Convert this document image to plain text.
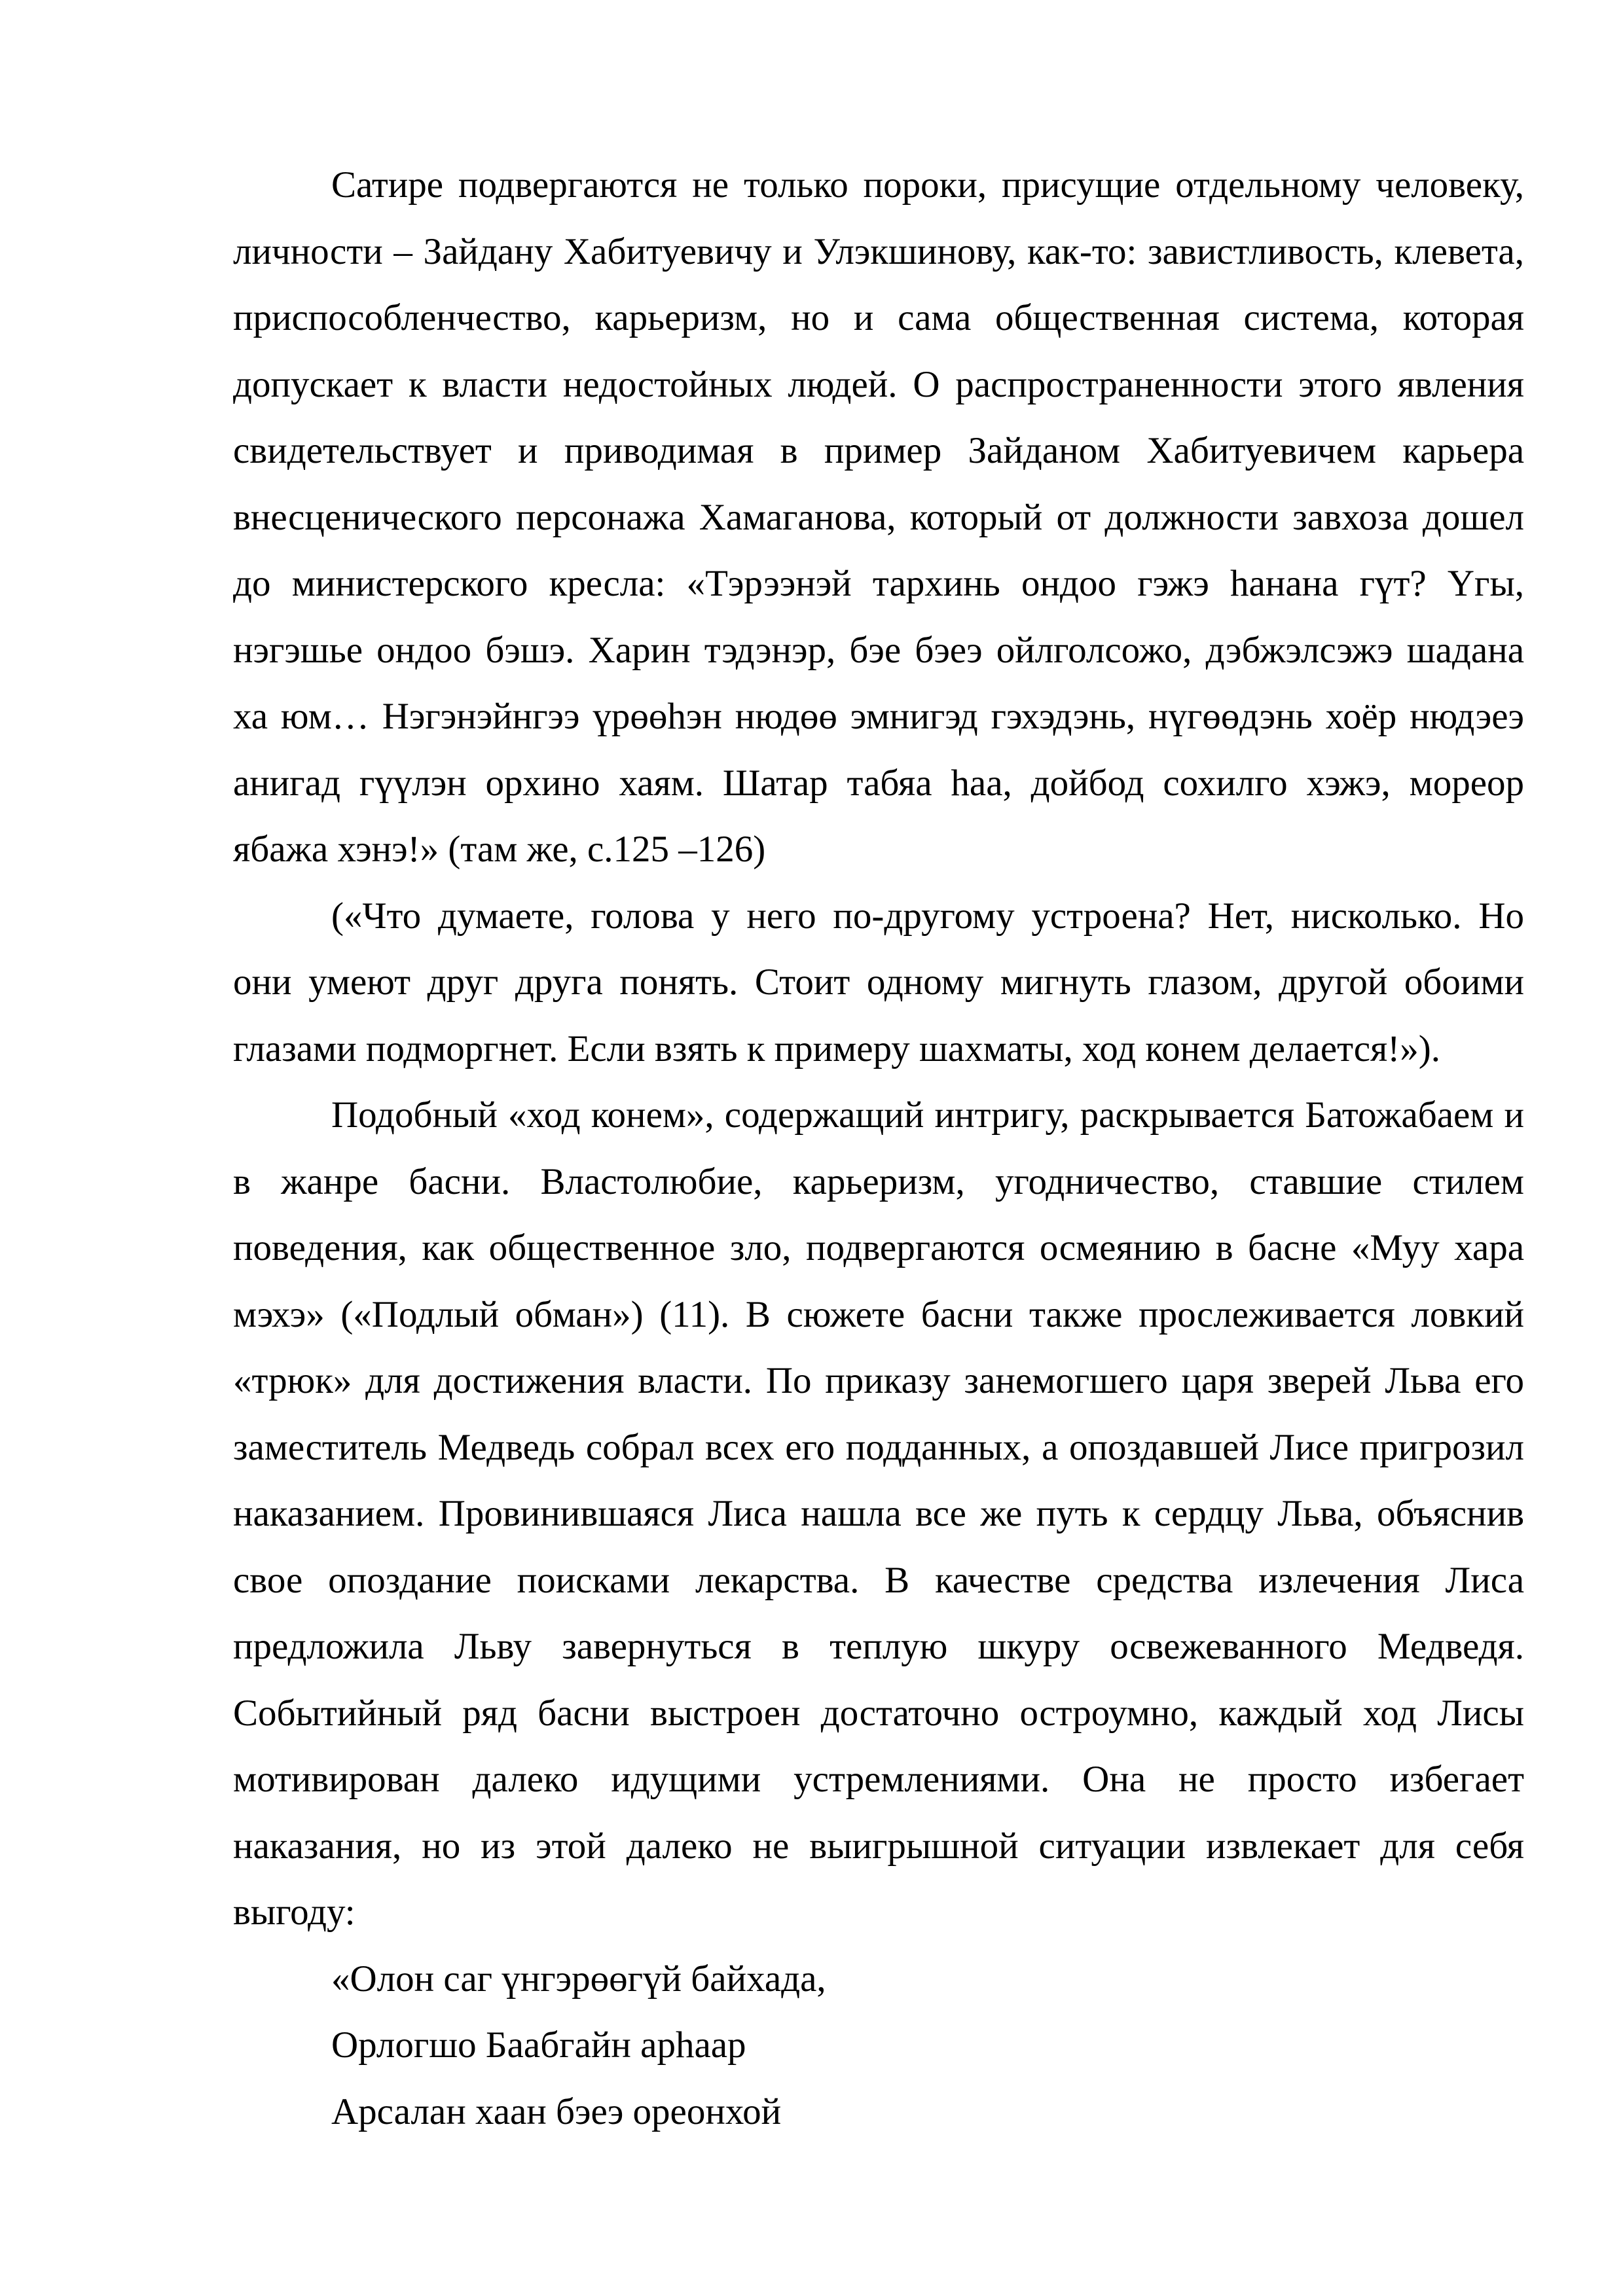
Сатире подвергаются не только пороки, присущие отдельному человеку, личности – Зайдану Хабитуевичу и Улэкшинову, как-то: завистливость, клевета, приспособленчество, карьеризм, но и сама общественная система, которая допускает к власти недостойных людей. О распространенности этого явления свидетельствует и приводимая в пример Зайданом Хабитуевичем карьера внесценического персонажа Хамаганова, который от должности завхоза дошел до министерского кресла: «Тэрээнэй тархинь ондоо гэжэ һанана гүт? Үгы, нэгэшье ондоо бэшэ. Харин тэдэнэр, бэе бэеэ ойлголсожо, дэбжэлсэжэ шадана ха юм… Нэгэнэйнгээ үрөөһэн нюдөө эмнигэд гэхэдэнь, нүгөөдэнь хоёр нюдэеэ анигад гүүлэн орхино хаям. Шатар табяа һаа, дойбод сохилго хэжэ, мореор ябажа хэнэ!» (там же, с.125 –126)

(«Что думаете, голова у него по-другому устроена? Нет, нисколько. Но они умеют друг друга понять. Стоит одному мигнуть глазом, другой обоими глазами подморгнет. Если взять к примеру шахматы, ход конем делается!»).

Подобный «ход конем», содержащий интригу, раскрывается Батожабаем и в жанре басни. Властолюбие, карьеризм, угодничество, ставшие стилем поведения, как общественное зло, подвергаются осмеянию в басне «Муу хара мэхэ» («Подлый обман») (11). В сюжете басни также прослеживается ловкий «трюк» для достижения власти. По приказу занемогшего царя зверей Льва его заместитель Медведь собрал всех его подданных, а опоздавшей Лисе пригрозил наказанием. Провинившаяся Лиса нашла все же путь к сердцу Льва, объяснив свое опоздание поисками лекарства. В качестве средства излечения Лиса предложила Льву завернуться в теплую шкуру освежеванного Медведя. Событийный ряд басни выстроен достаточно остроумно, каждый ход Лисы мотивирован далеко идущими устремлениями. Она не просто избегает наказания, но из этой далеко не выигрышной ситуации извлекает для себя выгоду:

«Олон саг үнгэрөөгүй байхада,

Орлогшо Баабгайн арһаар

Арсалан хаан бэеэ ореонхой
